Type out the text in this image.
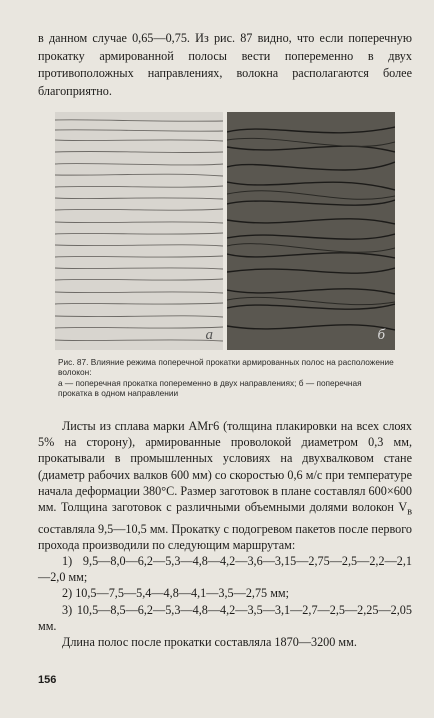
в данном случае 0,65—0,75. Из рис. 87 видно, что если поперечную прокатку армированной полосы вести попеременно в двух противоположных направлениях, волокна располагаются более благоприятно.
а	б
Рис. 87. Влияние режима поперечной прокатки армированных полос на расположение волокон:
а — поперечная прокатка попеременно в двух направлениях; б — поперечная прокатка в одном направлении

Листы из сплава марки АМг6 (толщина плакировки на всех слоях 5% на сторону), армированные проволокой диаметром 0,3 мм, прокатывали в промышленных условиях на двухвалковом стане (диаметр рабочих валков 600 мм) со скоростью 0,6 м/с при температуре начала деформации 380°С. Размер заготовок в плане составлял 600×600 мм. Толщина заготовок с различными объемными долями волокон $V_в$ составляла 9,5—10,5 мм. Прокатку с подогревом пакетов после первого прохода производили по следующим маршрутам:

1) 9,5—8,0—6,2—5,3—4,8—4,2—3,6—3,15—2,75—2,5—2,2—2,1—2,0 мм;

2) 10,5—7,5—5,4—4,8—4,1—3,5—2,75 мм;

3) 10,5—8,5—6,2—5,3—4,8—4,2—3,5—3,1—2,7—2,5—2,25—2,05 мм.

Длина полос после прокатки составляла 1870—3200 мм.

156
